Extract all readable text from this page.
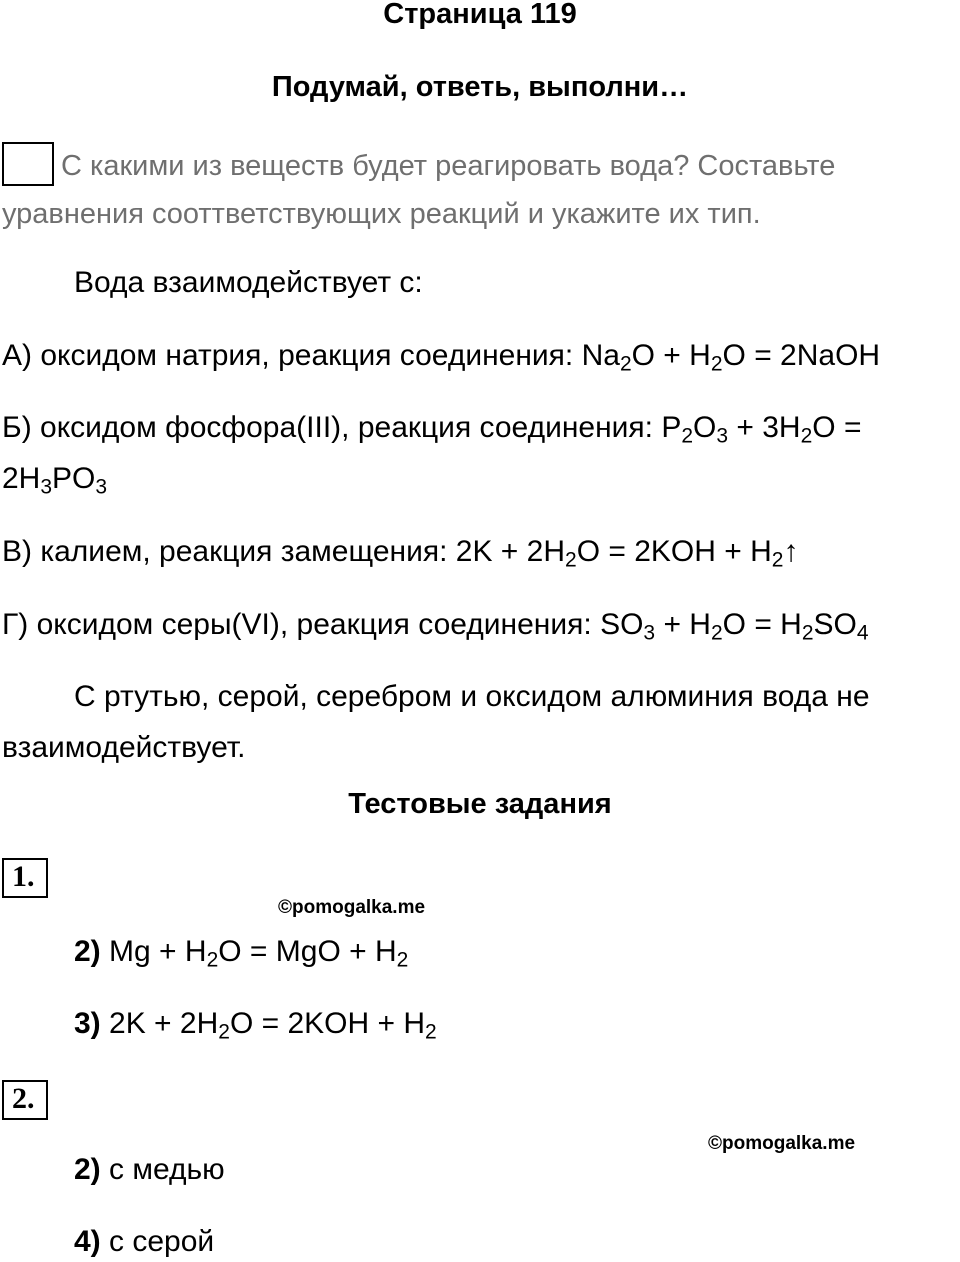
Страница 119
Подумай, ответь, выполни…
С какими из веществ будет реагировать вода? Составьте
уравнения сооттветствующих реакций и укажите их тип.
Вода взаимодействует с:
А) оксидом натрия, реакция соединения: $Na_2O + H_2O$ = 2NaOH
Б) оксидом фосфора(III), реакция соединения: $P_2O_3 + 3H_2O$ =
$2H_3PO_3$
В) калием, реакция замещения: $2K + 2H_2O = 2KOH$ + $H_2↑$
Г) оксидом серы(VI), реакция соединения: $SO_3 + H_2O = H_2SO_4$
С ртутью, серой, серебром и оксидом алюминия вода не
взаимодействует.
Тестовые задания
1.
©pomogalka.me
2) $Mg + H_2O$ = MgO + $H_2$
3) $2K + 2H_2O = 2KOH + H_2$
2.
©pomogalka.me
2) с медью
4) с серой
